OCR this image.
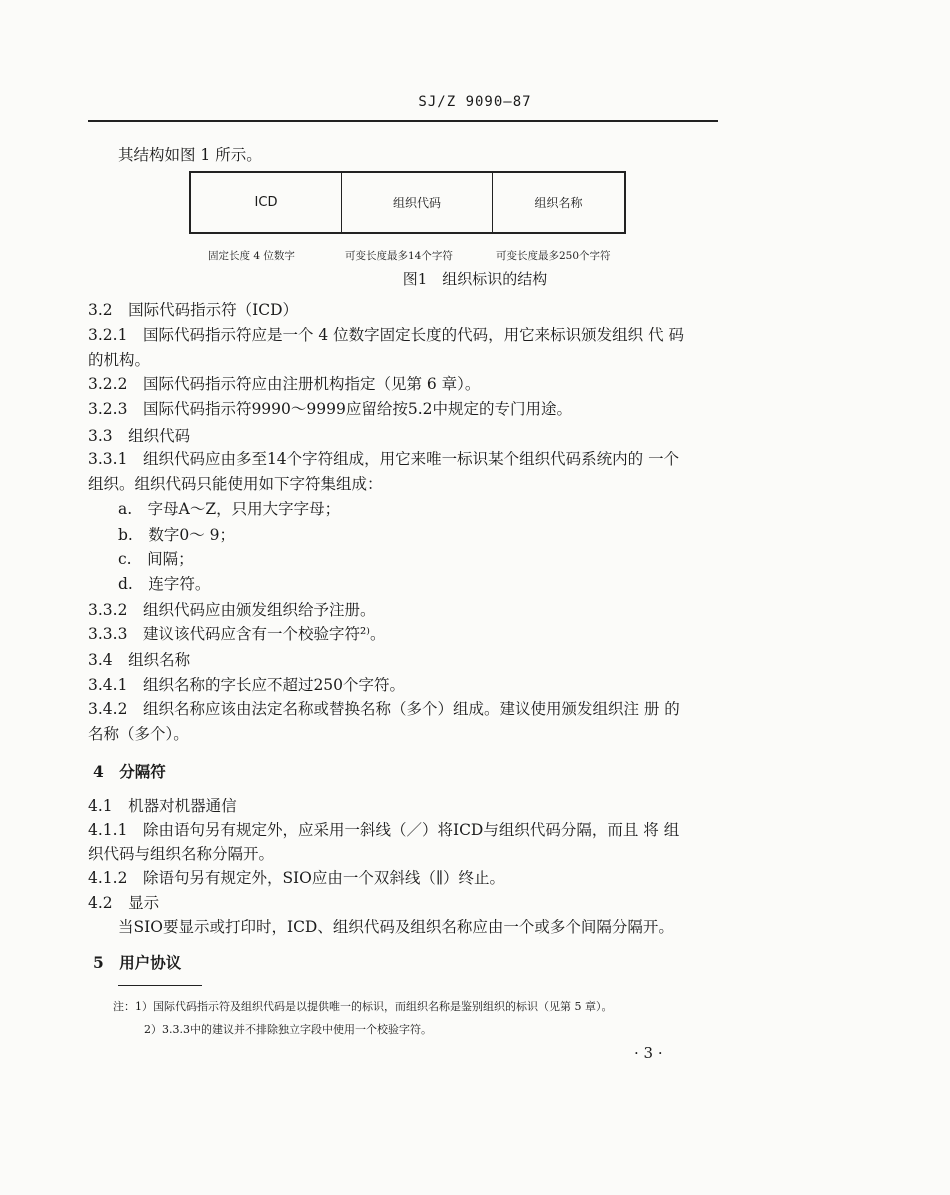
SJ/Z 9090—87
其结构如图 1 所示。
ICD	组织代码	组织名称
固定长度 4 位数字	可变长度最多14个字符	可变长度最多250个字符
图1　组织标识的结构
3.2　国际代码指示符（ICD）
3.2.1　国际代码指示符应是一个 4 位数字固定长度的代码，用它来标识颁发组织 代 码
的机构。
3.2.2　国际代码指示符应由注册机构指定（见第 6 章）。
3.2.3　国际代码指示符9990～9999应留给按5.2中规定的专门用途。
3.3　组织代码
3.3.1　组织代码应由多至14个字符组成，用它来唯一标识某个组织代码系统内的 一个
组织。组织代码只能使用如下字符集组成：
a.　字母A～Z，只用大字字母；
b.　数字0～ 9；
c.　间隔；
d.　连字符。
3.3.2　组织代码应由颁发组织给予注册。
3.3.3　建议该代码应含有一个校验字符²⁾。
3.4　组织名称
3.4.1　组织名称的字长应不超过250个字符。
3.4.2　组织名称应该由法定名称或替换名称（多个）组成。建议使用颁发组织注 册 的
名称（多个）。
4　分隔符
4.1　机器对机器通信
4.1.1　除由语句另有规定外，应采用一斜线（／）将ICD与组织代码分隔，而且 将 组
织代码与组织名称分隔开。
4.1.2　除语句另有规定外，SIO应由一个双斜线（∥）终止。
4.2　显示
当SIO要显示或打印时，ICD、组织代码及组织名称应由一个或多个间隔分隔开。
5　用户协议
注：1）国际代码指示符及组织代码是以提供唯一的标识，而组织名称是鉴别组织的标识（见第 5 章）。
2）3.3.3中的建议并不排除独立字段中使用一个校验字符。
· 3 ·
